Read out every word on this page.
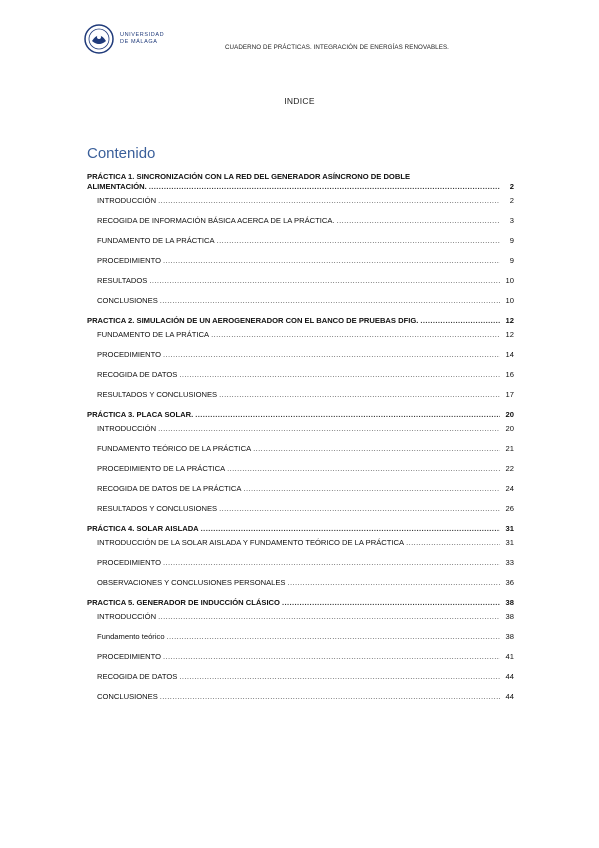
UNIVERSIDAD
DE MÁLAGA
CUADERNO DE PRÁCTICAS. INTEGRACIÓN DE ENERGÍAS RENOVABLES.
INDICE
Contenido
PRÁCTICA 1. SINCRONIZACIÓN CON LA RED DEL GENERADOR ASÍNCRONO DE DOBLE
ALIMENTACIÓN. .....	2
INTRODUCCIÓN .....	2
RECOGIDA DE INFORMACIÓN BÁSICA ACERCA DE LA PRÁCTICA. .....	3
FUNDAMENTO DE LA PRÁCTICA .....	9
PROCEDIMIENTO .....	9
RESULTADOS .....	10
CONCLUSIONES .....	10
PRACTICA 2. SIMULACIÓN DE UN AEROGENERADOR CON EL BANCO DE PRUEBAS DFIG. .....	12
FUNDAMENTO DE LA PRÁTICA .....	12
PROCEDIMIENTO .....	14
RECOGIDA DE DATOS .....	16
RESULTADOS Y CONCLUSIONES .....	17
PRÁCTICA 3. PLACA SOLAR. .....	20
INTRODUCCIÓN .....	20
FUNDAMENTO TEÓRICO DE LA PRÁCTICA .....	21
PROCEDIMIENTO DE LA PRÁCTICA .....	22
RECOGIDA DE DATOS DE LA PRÁCTICA .....	24
RESULTADOS Y CONCLUSIONES .....	26
PRÁCTICA 4. SOLAR AISLADA .....	31
INTRODUCCIÓN DE LA SOLAR AISLADA Y FUNDAMENTO TEÓRICO DE LA PRÁCTICA .....	31
PROCEDIMIENTO .....	33
OBSERVACIONES Y CONCLUSIONES PERSONALES .....	36
PRACTICA 5. GENERADOR DE INDUCCIÓN CLÁSICO .....	38
INTRODUCCIÓN .....	38
Fundamento teórico .....	38
PROCEDIMIENTO .....	41
RECOGIDA DE DATOS .....	44
CONCLUSIONES .....	44
